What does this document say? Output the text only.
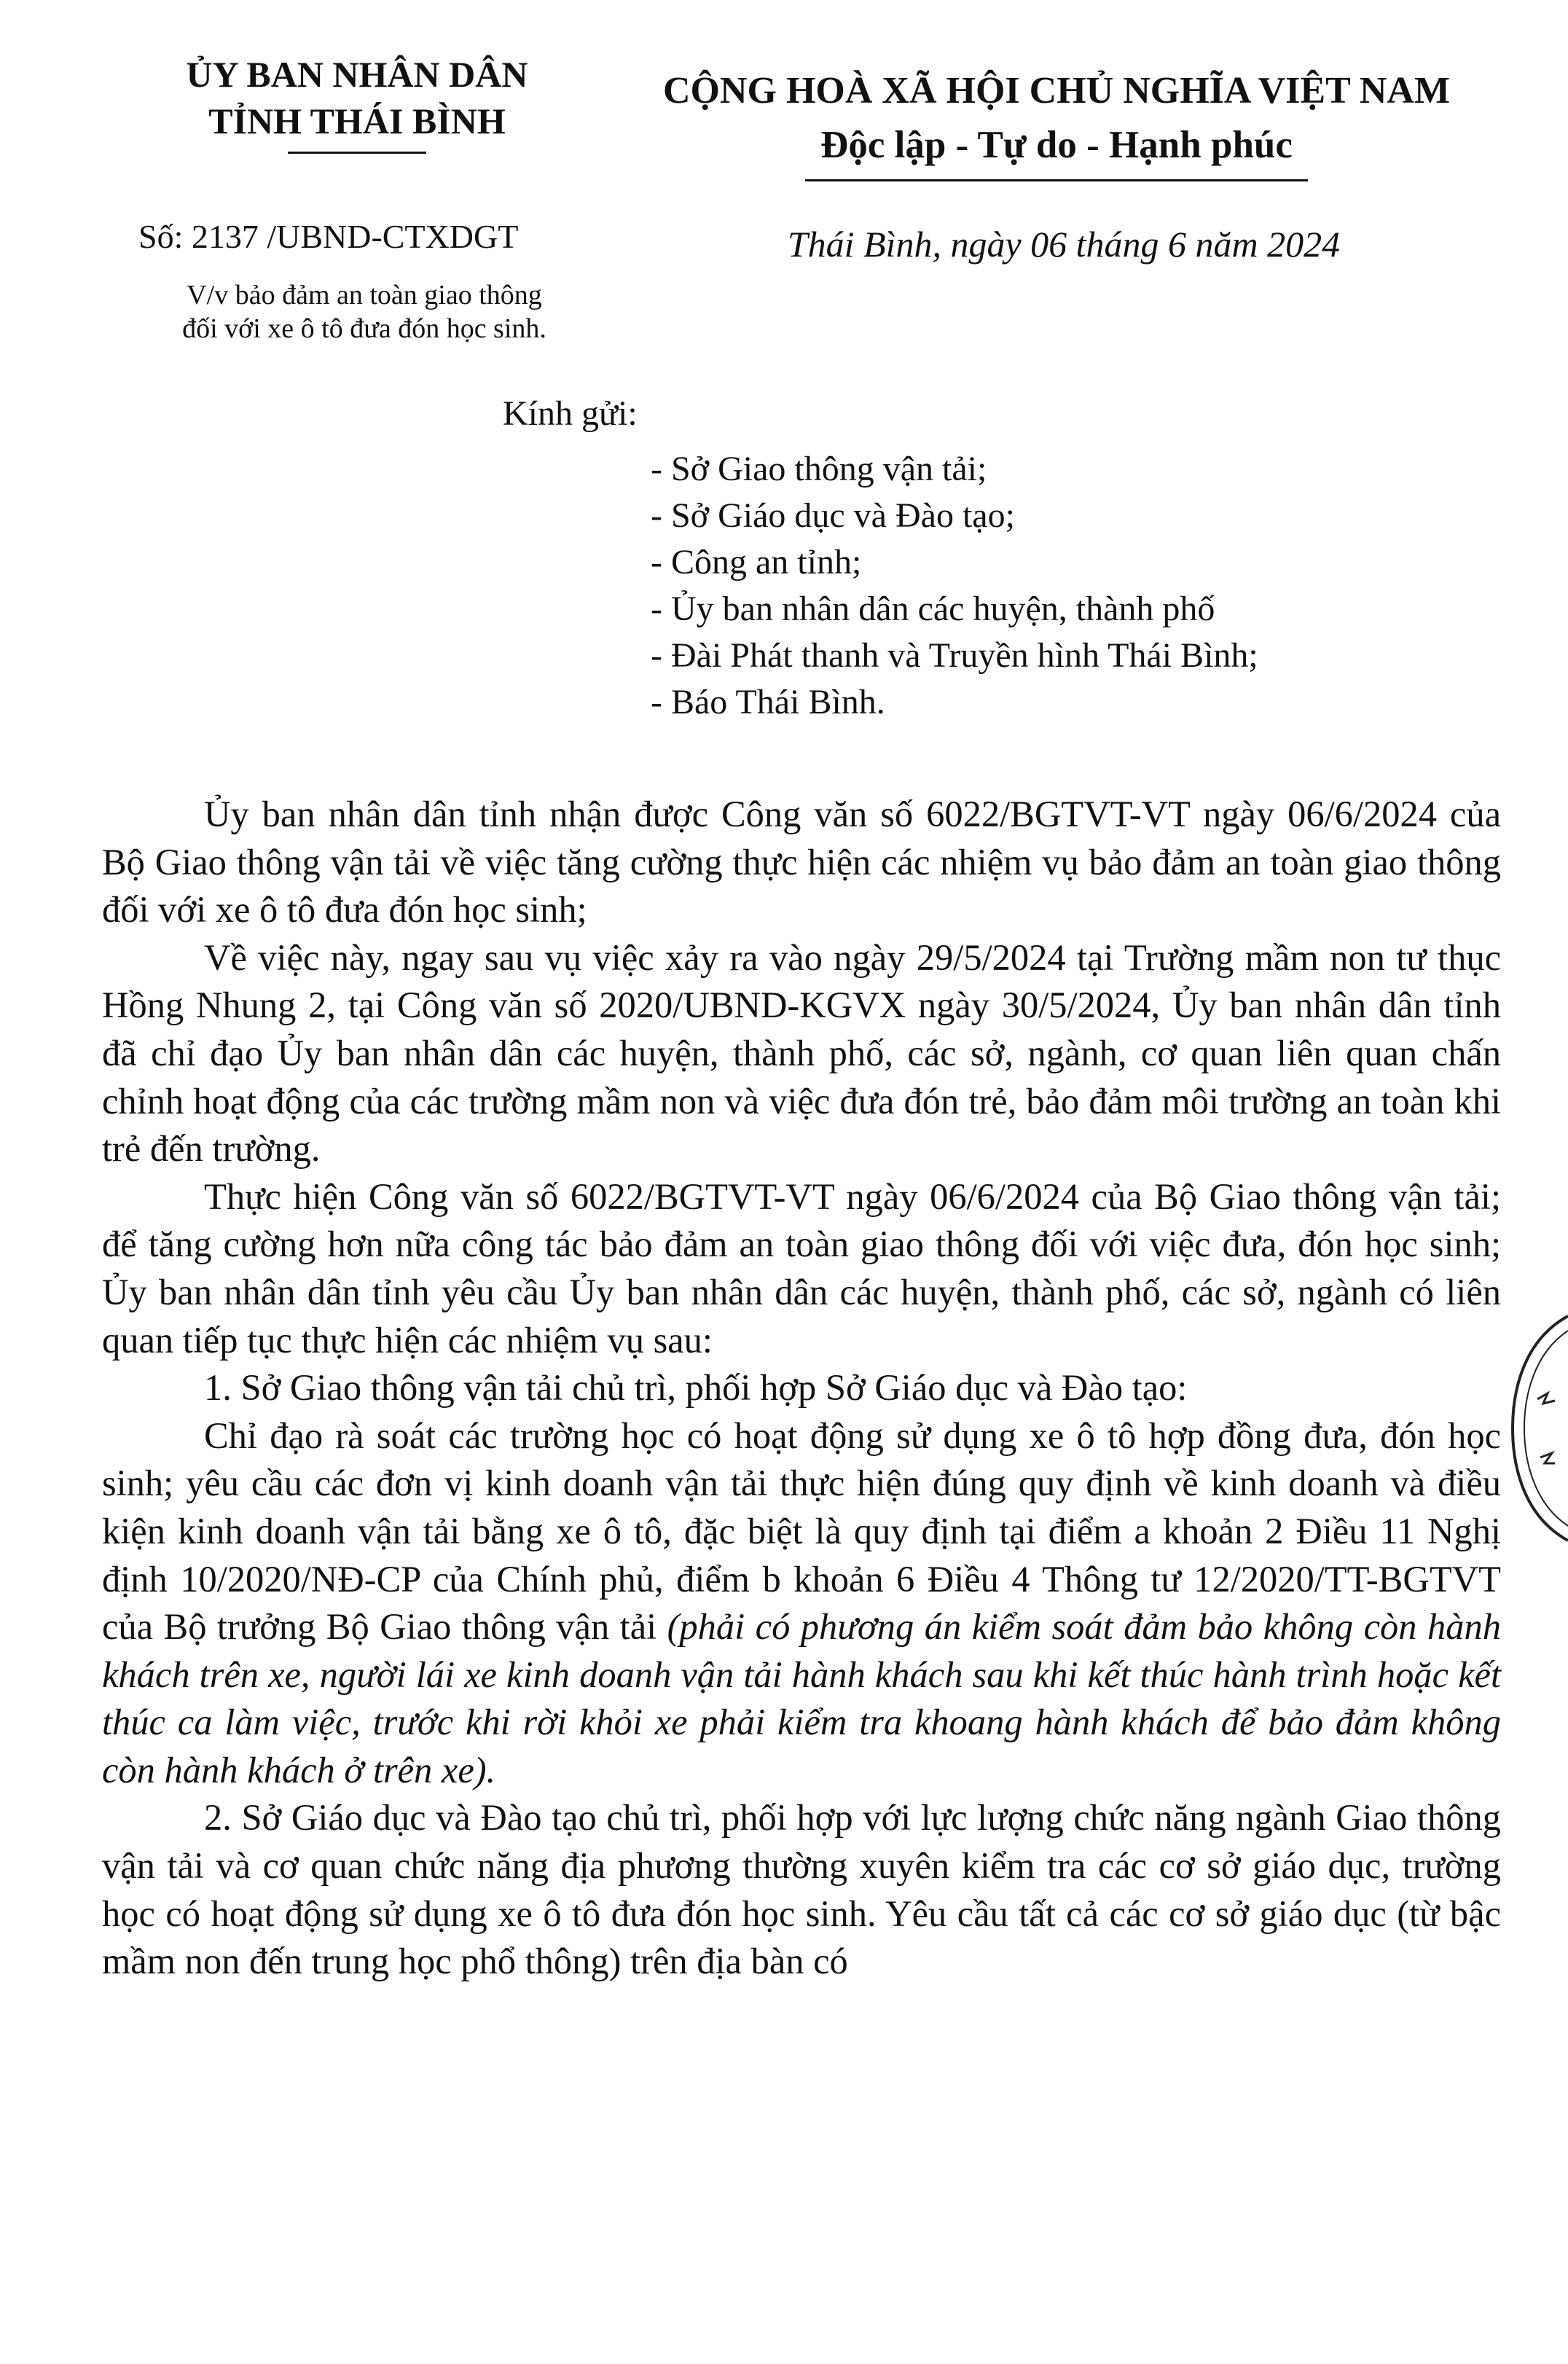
ỦY BAN NHÂN DÂN
TỈNH THÁI BÌNH
CỘNG HOÀ XÃ HỘI CHỦ NGHĨA VIỆT NAM
Độc lập - Tự do - Hạnh phúc
Số: 2137 /UBND-CTXDGT
V/v bảo đảm an toàn giao thông
đối với xe ô tô đưa đón học sinh.
Thái Bình, ngày 06 tháng 6 năm 2024
Kính gửi:
- Sở Giao thông vận tải;
- Sở Giáo dục và Đào tạo;
- Công an tỉnh;
- Ủy ban nhân dân các huyện, thành phố
- Đài Phát thanh và Truyền hình Thái Bình;
- Báo Thái Bình.

Ủy ban nhân dân tỉnh nhận được Công văn số 6022/BGTVT-VT ngày 06/6/2024 của Bộ Giao thông vận tải về việc tăng cường thực hiện các nhiệm vụ bảo đảm an toàn giao thông đối với xe ô tô đưa đón học sinh;

Về việc này, ngay sau vụ việc xảy ra vào ngày 29/5/2024 tại Trường mầm non tư thục Hồng Nhung 2, tại Công văn số 2020/UBND-KGVX ngày 30/5/2024, Ủy ban nhân dân tỉnh đã chỉ đạo Ủy ban nhân dân các huyện, thành phố, các sở, ngành, cơ quan liên quan chấn chỉnh hoạt động của các trường mầm non và việc đưa đón trẻ, bảo đảm môi trường an toàn khi trẻ đến trường.

Thực hiện Công văn số 6022/BGTVT-VT ngày 06/6/2024 của Bộ Giao thông vận tải; để tăng cường hơn nữa công tác bảo đảm an toàn giao thông đối với việc đưa, đón học sinh; Ủy ban nhân dân tỉnh yêu cầu Ủy ban nhân dân các huyện, thành phố, các sở, ngành có liên quan tiếp tục thực hiện các nhiệm vụ sau:

1. Sở Giao thông vận tải chủ trì, phối hợp Sở Giáo dục và Đào tạo:

Chỉ đạo rà soát các trường học có hoạt động sử dụng xe ô tô hợp đồng đưa, đón học sinh; yêu cầu các đơn vị kinh doanh vận tải thực hiện đúng quy định về kinh doanh và điều kiện kinh doanh vận tải bằng xe ô tô, đặc biệt là quy định tại điểm a khoản 2 Điều 11 Nghị định 10/2020/NĐ-CP của Chính phủ, điểm b khoản 6 Điều 4 Thông tư 12/2020/TT-BGTVT của Bộ trưởng Bộ Giao thông vận tải (phải có phương án kiểm soát đảm bảo không còn hành khách trên xe, người lái xe kinh doanh vận tải hành khách sau khi kết thúc hành trình hoặc kết thúc ca làm việc, trước khi rời khỏi xe phải kiểm tra khoang hành khách để bảo đảm không còn hành khách ở trên xe).

2. Sở Giáo dục và Đào tạo chủ trì, phối hợp với lực lượng chức năng ngành Giao thông vận tải và cơ quan chức năng địa phương thường xuyên kiểm tra các cơ sở giáo dục, trường học có hoạt động sử dụng xe ô tô đưa đón học sinh. Yêu cầu tất cả các cơ sở giáo dục (từ bậc mầm non đến trung học phổ thông) trên địa bàn có
